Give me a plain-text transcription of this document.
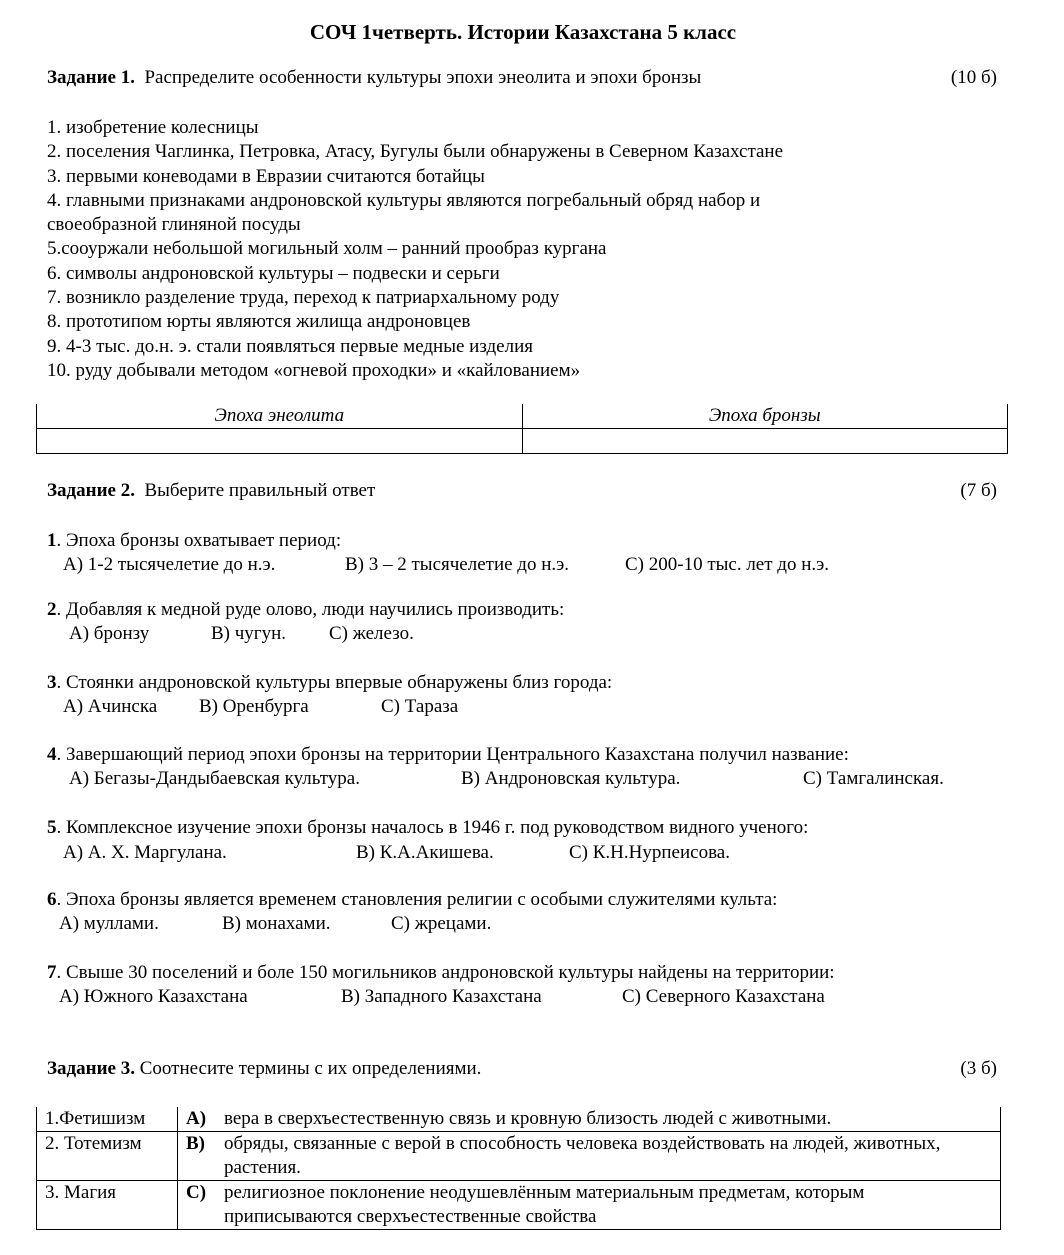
СОЧ 1четверть. Истории Казахстана 5 класс
Задание 1. Распределите особенности культуры эпохи энеолита и эпохи бронзы	(10 б)
1. изобретение колесницы
2. поселения Чаглинка, Петровка, Атасу, Бугулы были обнаружены в Северном Казахстане
3. первыми коневодами в Евразии считаются ботайцы
4. главными признаками андроновской культуры являются погребальный обряд набор и
своеобразной глиняной посуды
5.сооуржали небольшой могильный холм – ранний прообраз кургана
6. символы андроновской культуры – подвески и серьги
7. возникло разделение труда, переход к патриархальному роду
8. прототипом юрты являются жилища андроновцев
9. 4-3 тыс. до.н. э. стали появляться первые медные изделия
10. руду добывали методом «огневой проходки» и «кайлованием»
Эпоха энеолита	Эпоха бронзы

Задание 2. Выберите правильный ответ	(7 б)
1. Эпоха бронзы охватывает период:
А) 1-2 тысячелетие до н.э.	В) 3 – 2 тысячелетие до н.э.	С) 200-10 тыс. лет до н.э.
2. Добавляя к медной руде олово, люди научились производить:
А) бронзу	В) чугун. С) железо.
3. Стоянки андроновской культуры впервые обнаружены близ города:
А) Ачинска В) Оренбурга	С) Тараза
4. Завершающий период эпохи бронзы на территории Центрального Казахстана получил название:
А) Бегазы-Дандыбаевская культура.	В) Андроновская культура.	С) Тамгалинская.
5. Комплексное изучение эпохи бронзы началось в 1946 г. под руководством видного ученого:
А) А. Х. Маргулана.	В) К.А.Акишева.	С) К.Н.Нурпеисова.
6. Эпоха бронзы является временем становления религии с особыми служителями культа:
А) муллами.	В) монахами.	С) жрецами.
7. Свыше 30 поселений и боле 150 могильников андроновской культуры найдены на территории:
А) Южного Казахстана	В) Западного Казахстана	С) Северного Казахстана
Задание 3. Соотнесите термины с их определениями.	(3 б)
1.Фетишизм	А) вера в сверхъестественную связь и кровную близость людей с животными.
2. Тотемизм	В) обряды, связанные с верой в способность человека воздействовать на людей, животных, растения.
3. Магия	С) религиозное поклонение неодушевлённым материальным предметам, которым приписываются сверхъестественные свойства
